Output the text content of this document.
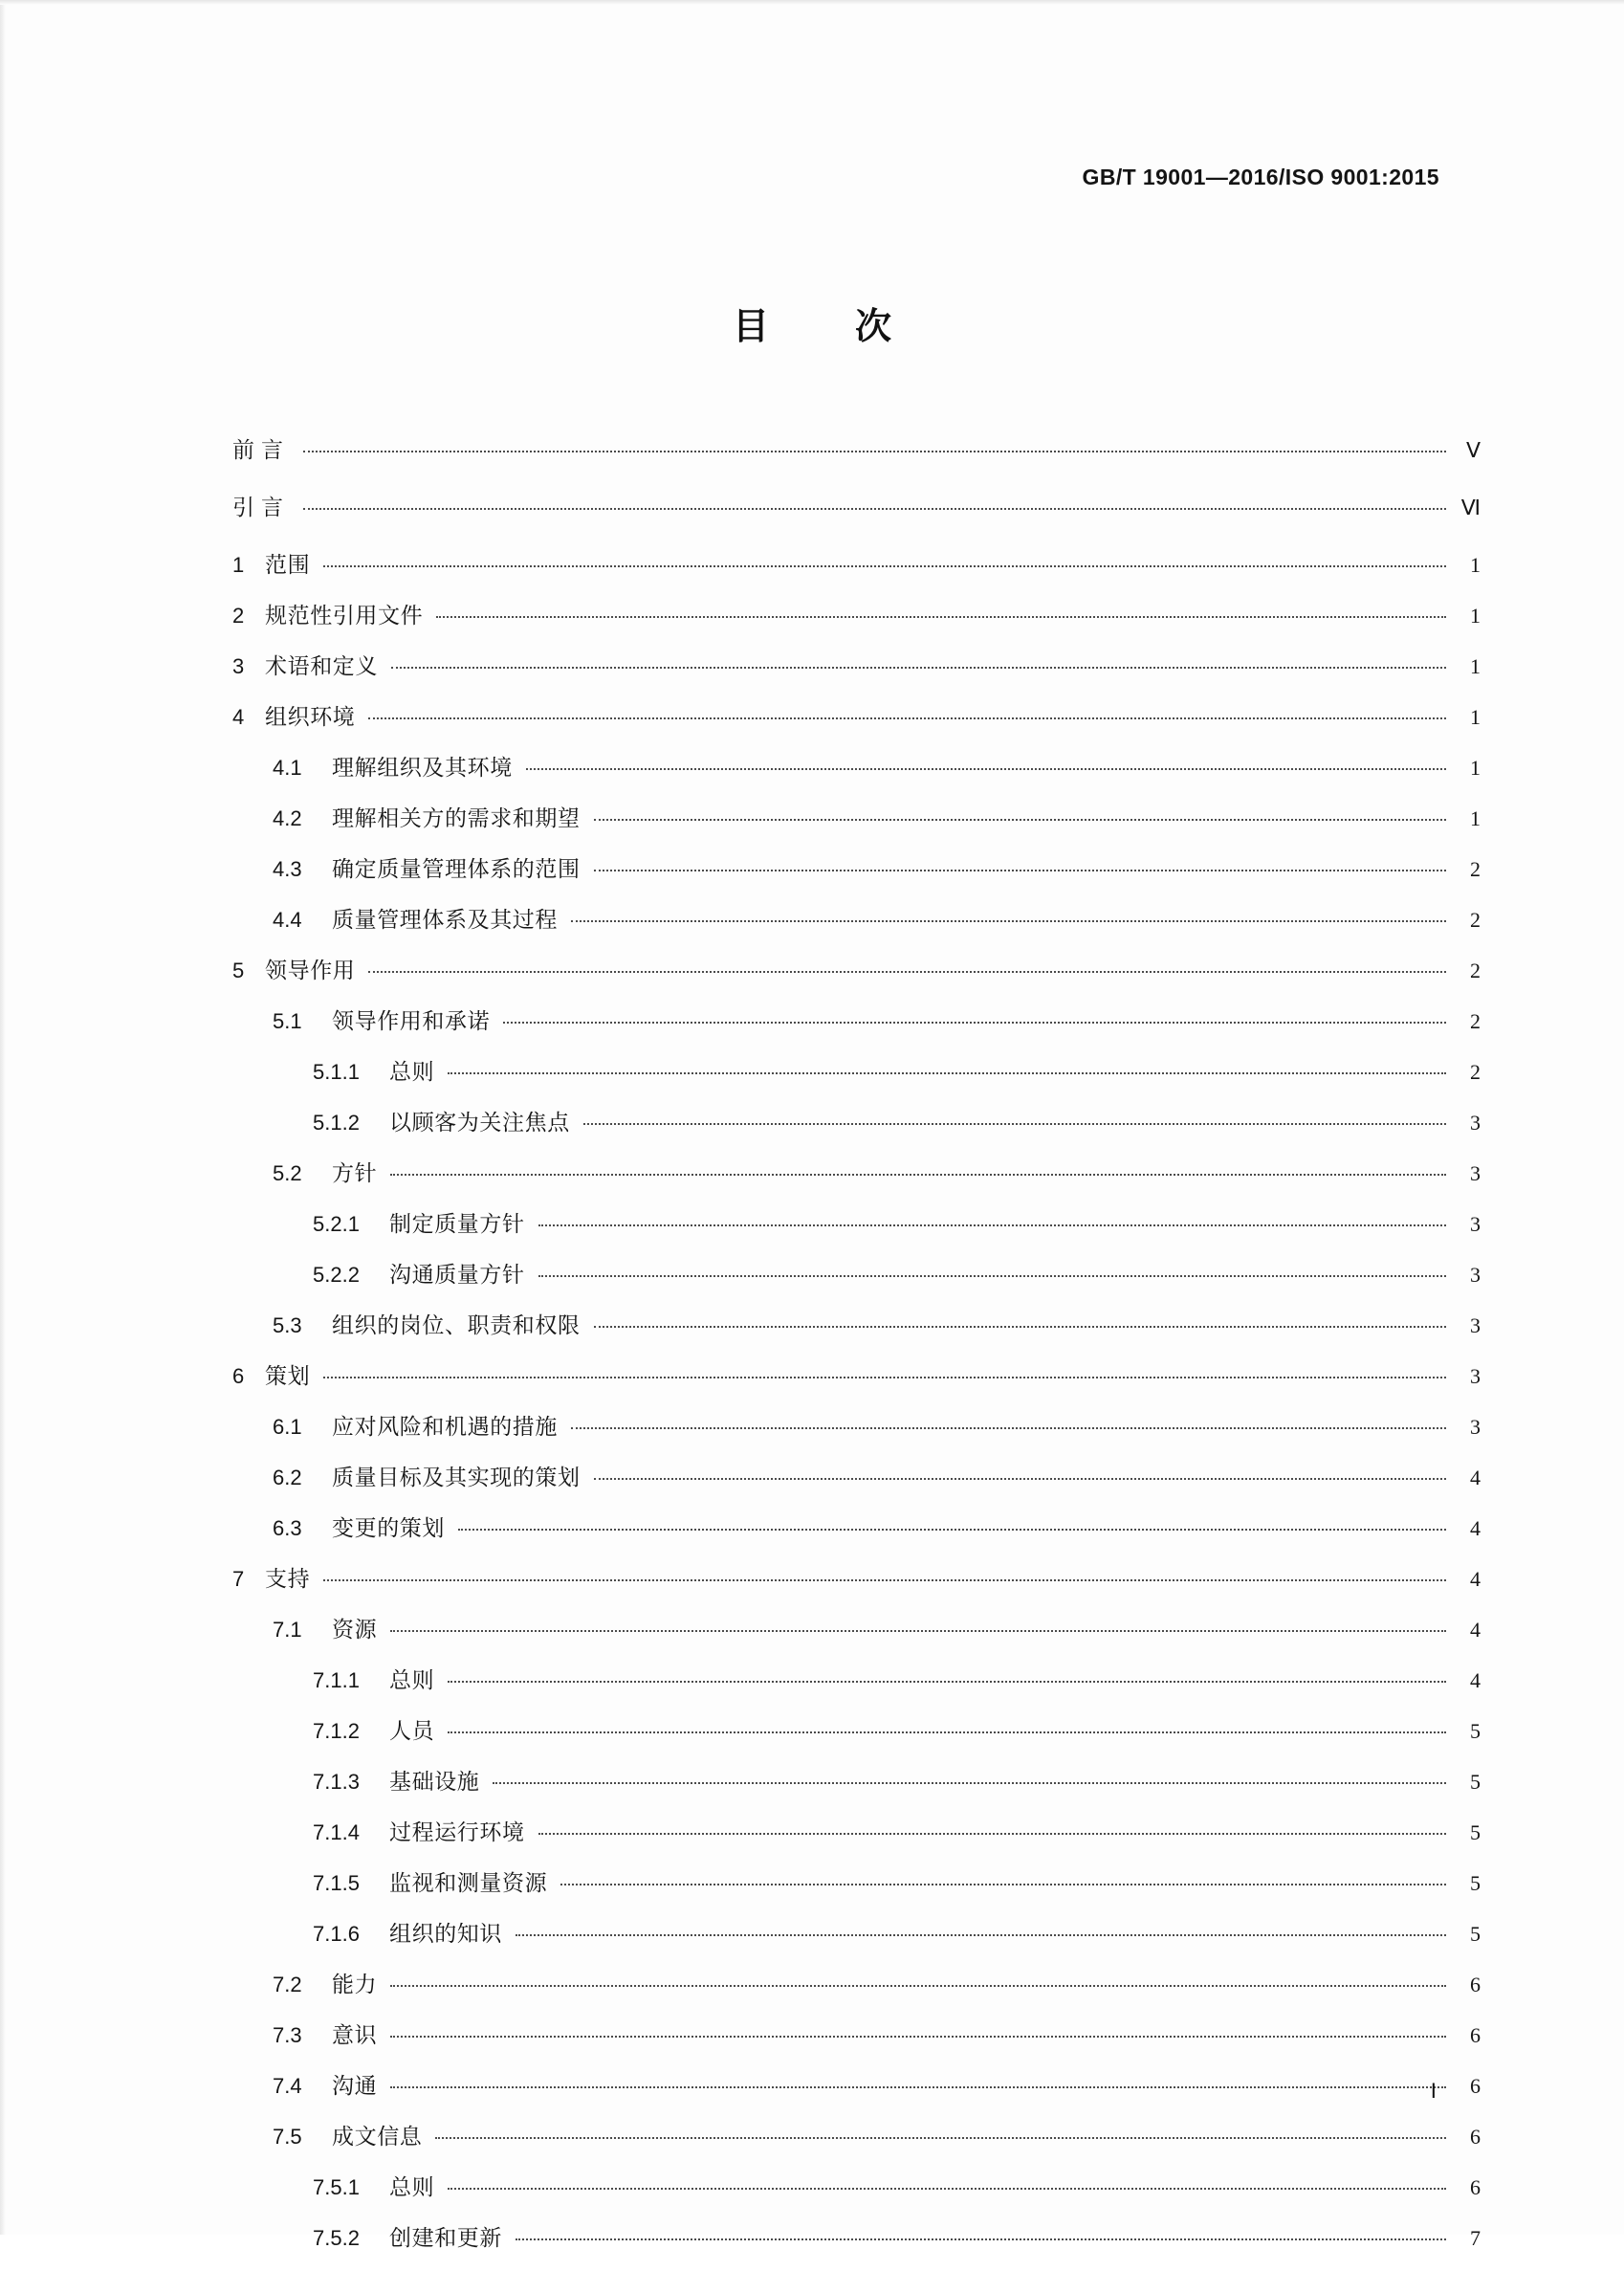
GB/T 19001—2016/ISO 9001:2015
目　次
前言	Ⅴ
引言	Ⅵ
1 范围	1
2 规范性引用文件	1
3 术语和定义	1
4 组织环境	1
4.1	理解组织及其环境	1
4.2	理解相关方的需求和期望	1
4.3	确定质量管理体系的范围	2
4.4	质量管理体系及其过程	2
5 领导作用	2
5.1	领导作用和承诺	2
5.1.1	总则	2
5.1.2	以顾客为关注焦点	3
5.2	方针	3
5.2.1	制定质量方针	3
5.2.2	沟通质量方针	3
5.3	组织的岗位、职责和权限	3
6 策划	3
6.1	应对风险和机遇的措施	3
6.2	质量目标及其实现的策划	4
6.3	变更的策划	4
7 支持	4
7.1	资源	4
7.1.1	总则	4
7.1.2	人员	5
7.1.3	基础设施	5
7.1.4	过程运行环境	5
7.1.5	监视和测量资源	5
7.1.6	组织的知识	5
7.2	能力	6
7.3	意识	6
7.4	沟通	6
7.5	成文信息	6
7.5.1	总则	6
7.5.2	创建和更新	7
Ⅰ
